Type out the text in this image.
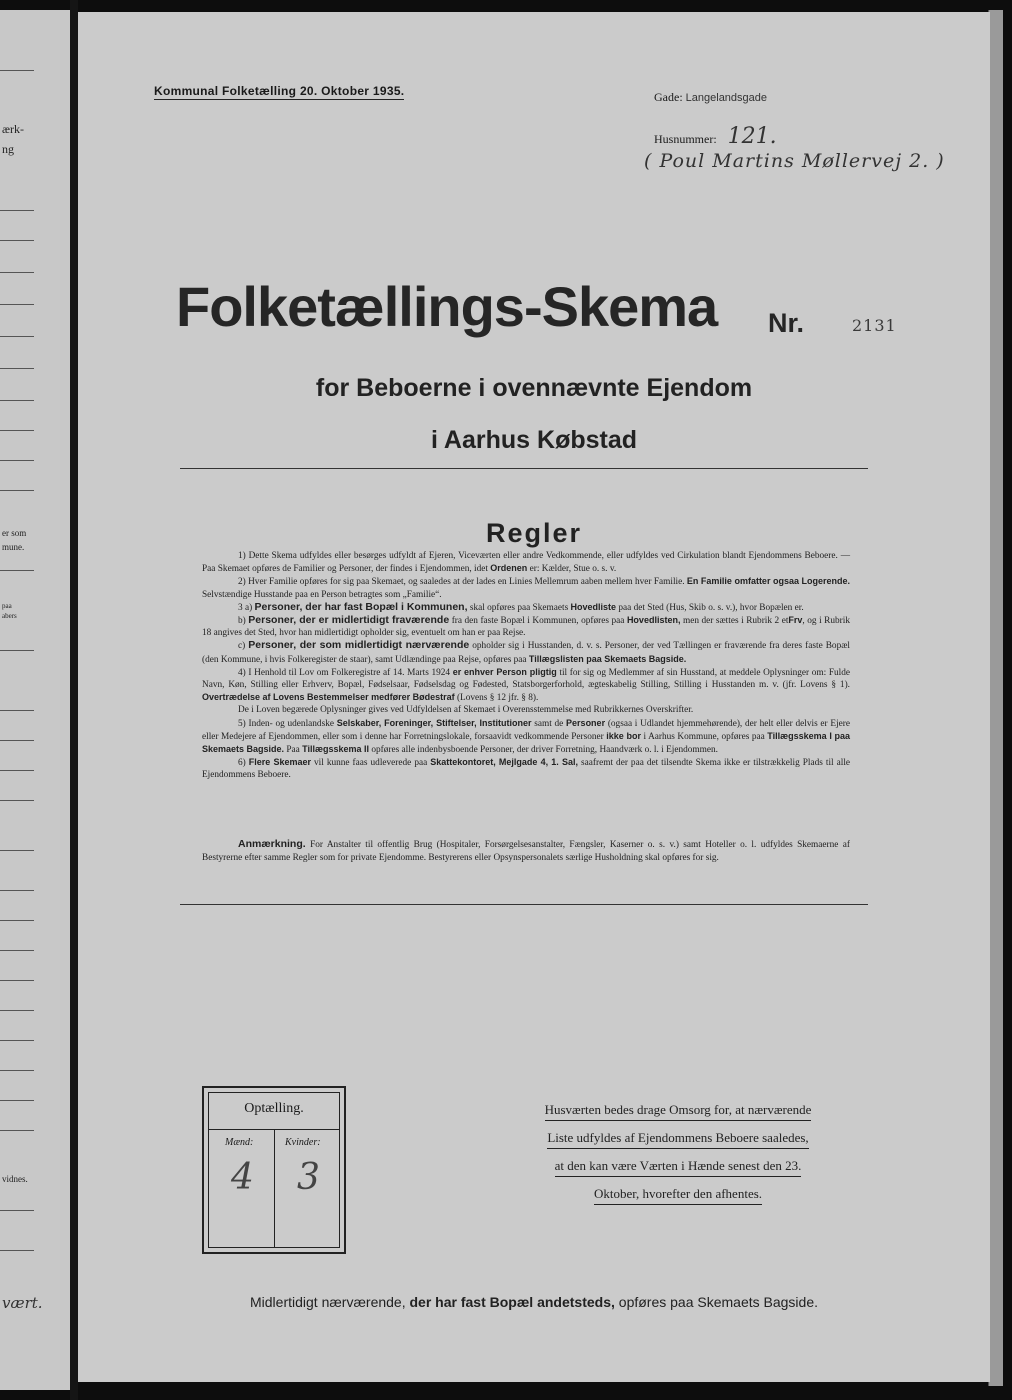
ærk-
ng
er som
mune.
paa
abers
vidnes.
vært.
Kommunal Folketælling 20. Oktober 1935.	Gade: Langelandsgade
Husnummer: 121.
( Poul Martins Møllervej 2. )
Folketællings-Skema Nr.	2131
for Beboerne i ovennævnte Ejendom
i Aarhus Købstad
Regler

1) Dette Skema udfyldes eller besørges udfyldt af Ejeren, Viceværten eller andre Vedkommende, eller udfyldes ved Cirkulation blandt Ejendommens Beboere. — Paa Skemaet opføres de Familier og Personer, der findes i Ejendommen, idet Ordenen er: Kælder, Stue o. s. v.

2) Hver Familie opføres for sig paa Skemaet, og saaledes at der lades en Linies Mellemrum aaben mellem hver Familie. En Familie omfatter ogsaa Logerende. Selvstændige Husstande paa en Person betragtes som „Familie“.

3 a) Personer, der har fast Bopæl i Kommunen, skal opføres paa Skemaets Hovedliste paa det Sted (Hus, Skib o. s. v.), hvor Bopælen er.

b) Personer, der er midlertidigt fraværende fra den faste Bopæl i Kommunen, opføres paa Hovedlisten, men der sættes i Rubrik 2 etFrv, og i Rubrik 18 angives det Sted, hvor han midlertidigt opholder sig, eventuelt om han er paa Rejse.

c) Personer, der som midlertidigt nærværende opholder sig i Husstanden, d. v. s. Personer, der ved Tællingen er fraværende fra deres faste Bopæl (den Kommune, i hvis Folkeregister de staar), samt Udlændinge paa Rejse, opføres paa Tillægslisten paa Skemaets Bagside.

4) I Henhold til Lov om Folkeregistre af 14. Marts 1924 er enhver Person pligtig til for sig og Medlemmer af sin Husstand, at meddele Oplysninger om: Fulde Navn, Køn, Stilling eller Erhverv, Bopæl, Fødselsaar, Fødselsdag og Fødested, Statsborgerforhold, ægteskabelig Stilling, Stilling i Husstanden m. v. (jfr. Lovens § 1). Overtrædelse af Lovens Bestemmelser medfører Bødestraf (Lovens § 12 jfr. § 8).

De i Loven begærede Oplysninger gives ved Udfyldelsen af Skemaet i Overensstemmelse med Rubrikkernes Overskrifter.

5) Inden- og udenlandske Selskaber, Foreninger, Stiftelser, Institutioner samt de Personer (ogsaa i Udlandet hjemmehørende), der helt eller delvis er Ejere eller Medejere af Ejendommen, eller som i denne har Forretningslokale, forsaavidt vedkommende Personer ikke bor i Aarhus Kommune, opføres paa Tillægsskema I paa Skemaets Bagside. Paa Tillægsskema II opføres alle indenbysboende Personer, der driver Forretning, Haandværk o. l. i Ejendommen.

6) Flere Skemaer vil kunne faas udleverede paa Skattekontoret, Mejlgade 4, 1. Sal, saafremt der paa det tilsendte Skema ikke er tilstrækkelig Plads til alle Ejendommens Beboere.

Anmærkning. For Anstalter til offentlig Brug (Hospitaler, Forsørgelsesanstalter, Fængsler, Kaserner o. s. v.) samt Hoteller o. l. udfyldes Skemaerne af Bestyrerne efter samme Regler som for private Ejendomme. Bestyrerens eller Opsynspersonalets særlige Husholdning skal opføres for sig.

Optælling.
Mænd:	Kvinder:
4 3
Husværten bedes drage Omsorg for, at nærværende
Liste udfyldes af Ejendommens Beboere saaledes,
at den kan være Værten i Hænde senest den 23.
Oktober, hvorefter den afhentes.
Midlertidigt nærværende, der har fast Bopæl andetsteds, opføres paa Skemaets Bagside.
